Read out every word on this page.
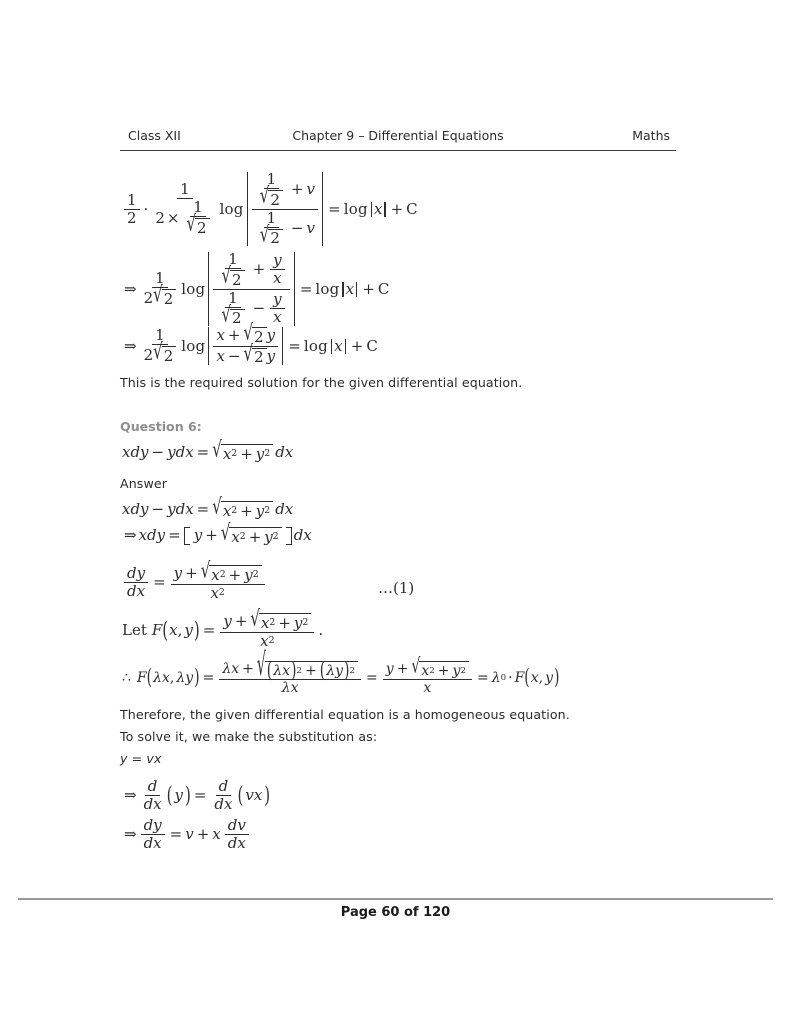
Class XII	Chapter 9 – Differential Equations	Maths
$\frac{1}{2} \cdot \frac{1}{2 \times \frac{1}{√ 2}}$ $\log \frac{\frac{1}{√ 2} + v}{\frac{1}{√ 2} - v} = \log x + C$
⇒ $\frac{1}{2 √ 2}$ $\log \frac{\frac{1}{√ 2} + \frac{y}{x}}{\frac{1}{√ 2} - \frac{y}{x}} = \log x + C$
⇒ $\frac{1}{2 √ 2}$ $\log \frac{x + √ 2 y}{x - √ 2 y} = \log x + C$
This is the required solution for the given differential equation.
Question 6:
xdy − ydx = √ x 2 + y 2 dx
Answer
xdy − ydx = √ x 2 + y 2 dx
⇒ xdy = y + √ x 2 + y 2 dx
$\frac{dy}{dx} = \frac{y + √ x 2 + y 2}{x 2}$	…(1)
Let F ( x , y ) = $\frac{y + √ x 2 + y 2}{x 2}$ .
∴ F ( λx , λy ) =
λx + √ ( λx ) 2 + ( λy ) 2
λx
= $\frac{y + √ x 2 + y 2}{x} = \lambda$ 0 · F ( x , y )
Therefore, the given differential equation is a homogeneous equation.
To solve it, we make the substitution as:
y = vx
⇒ $\frac{d}{dx}$ ( y ) = $\frac{d}{dx}$ ( vx )
⇒ $\frac{dy}{dx} = v + x \frac{dv}{dx}$
Page 60 of 120
